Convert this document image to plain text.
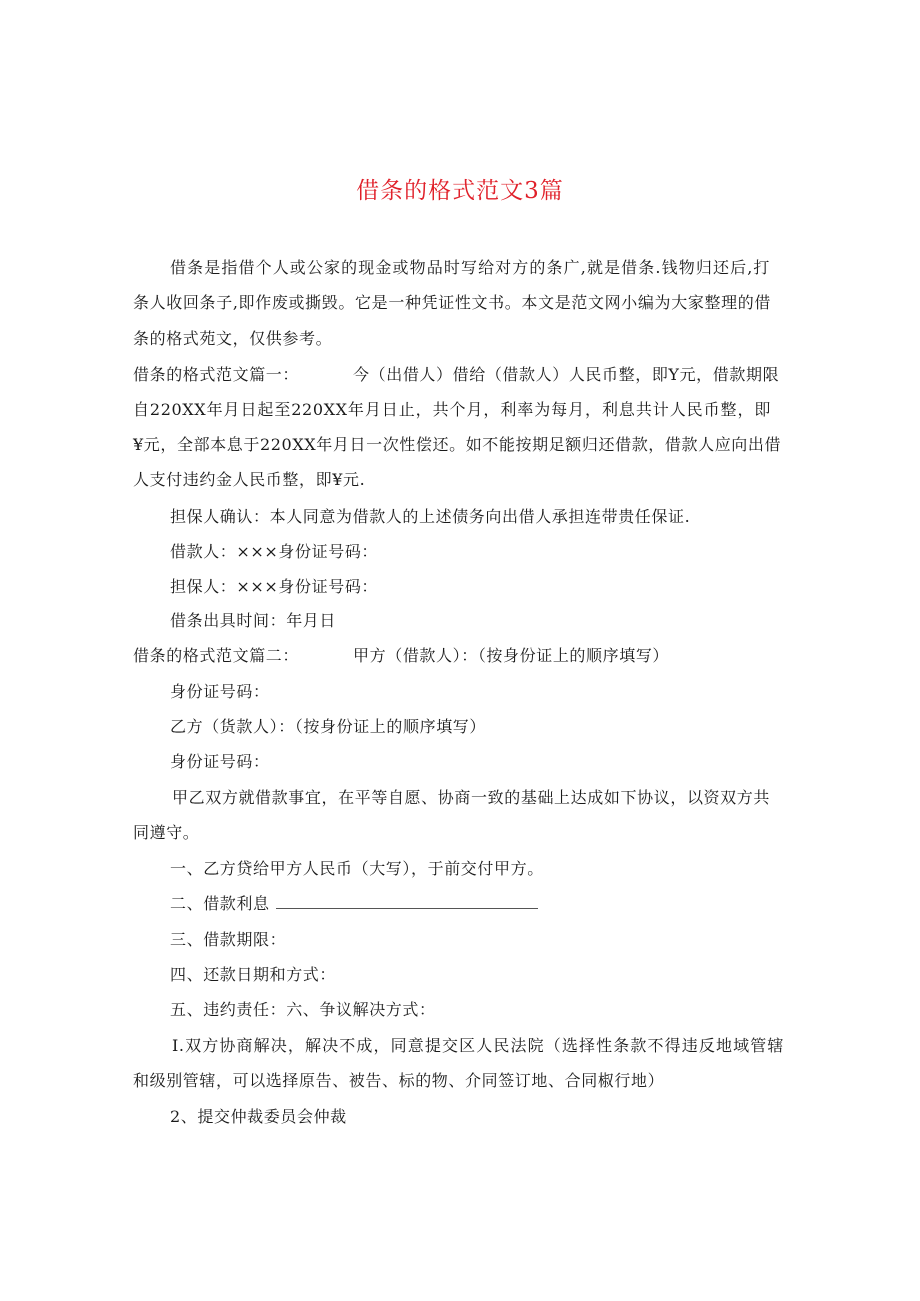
借条的格式范文3篇
借条是指借个人或公家的现金或物品时写给对方的条广,就是借条.钱物归还后,打
条人收回条子,即作废或撕毁。它是一种凭证性文书。本文是范文网小编为大家整理的借
条的格式苑文，仅供参考。
借条的格式范文篇一：	今（出借人）借给（借款人）人民币整，即Y元，借款期限
自220XX年月日起至220XX年月日止，共个月，利率为每月，利息共计人民币整，即
¥元，全部本息于220XX年月日一次性偿还。如不能按期足额归还借款，借款人应向出借
人支付违约金人民币整，即¥元.
担保人确认：本人同意为借款人的上述债务向出借人承担连带贵任保证.
借款人：×××身份证号码：
担保人：×××身份证号码：
借条出具时间：年月日
借条的格式范文篇二：	甲方（借款人）：（按身份证上的顺序填写）
身份证号码：
乙方（货款人）：（按身份证上的顺序填写）
身份证号码：
甲乙双方就借款事宜，在平等自愿、协商一致的基础上达成如下协议，以资双方共
同遵守。
一、乙方贷给甲方人民币（大写），于前交付甲方。
二、借款利息
三、借款期限：
四、还款日期和方式：
五、违约责任：六、争议解决方式：
I.双方协商解决，解决不成，同意提交区人民法院（选择性条款不得违反地域管辖
和级别管辖，可以选择原告、被告、标的物、介同签订地、合同椒行地）
2、提交仲裁委员会仲裁
